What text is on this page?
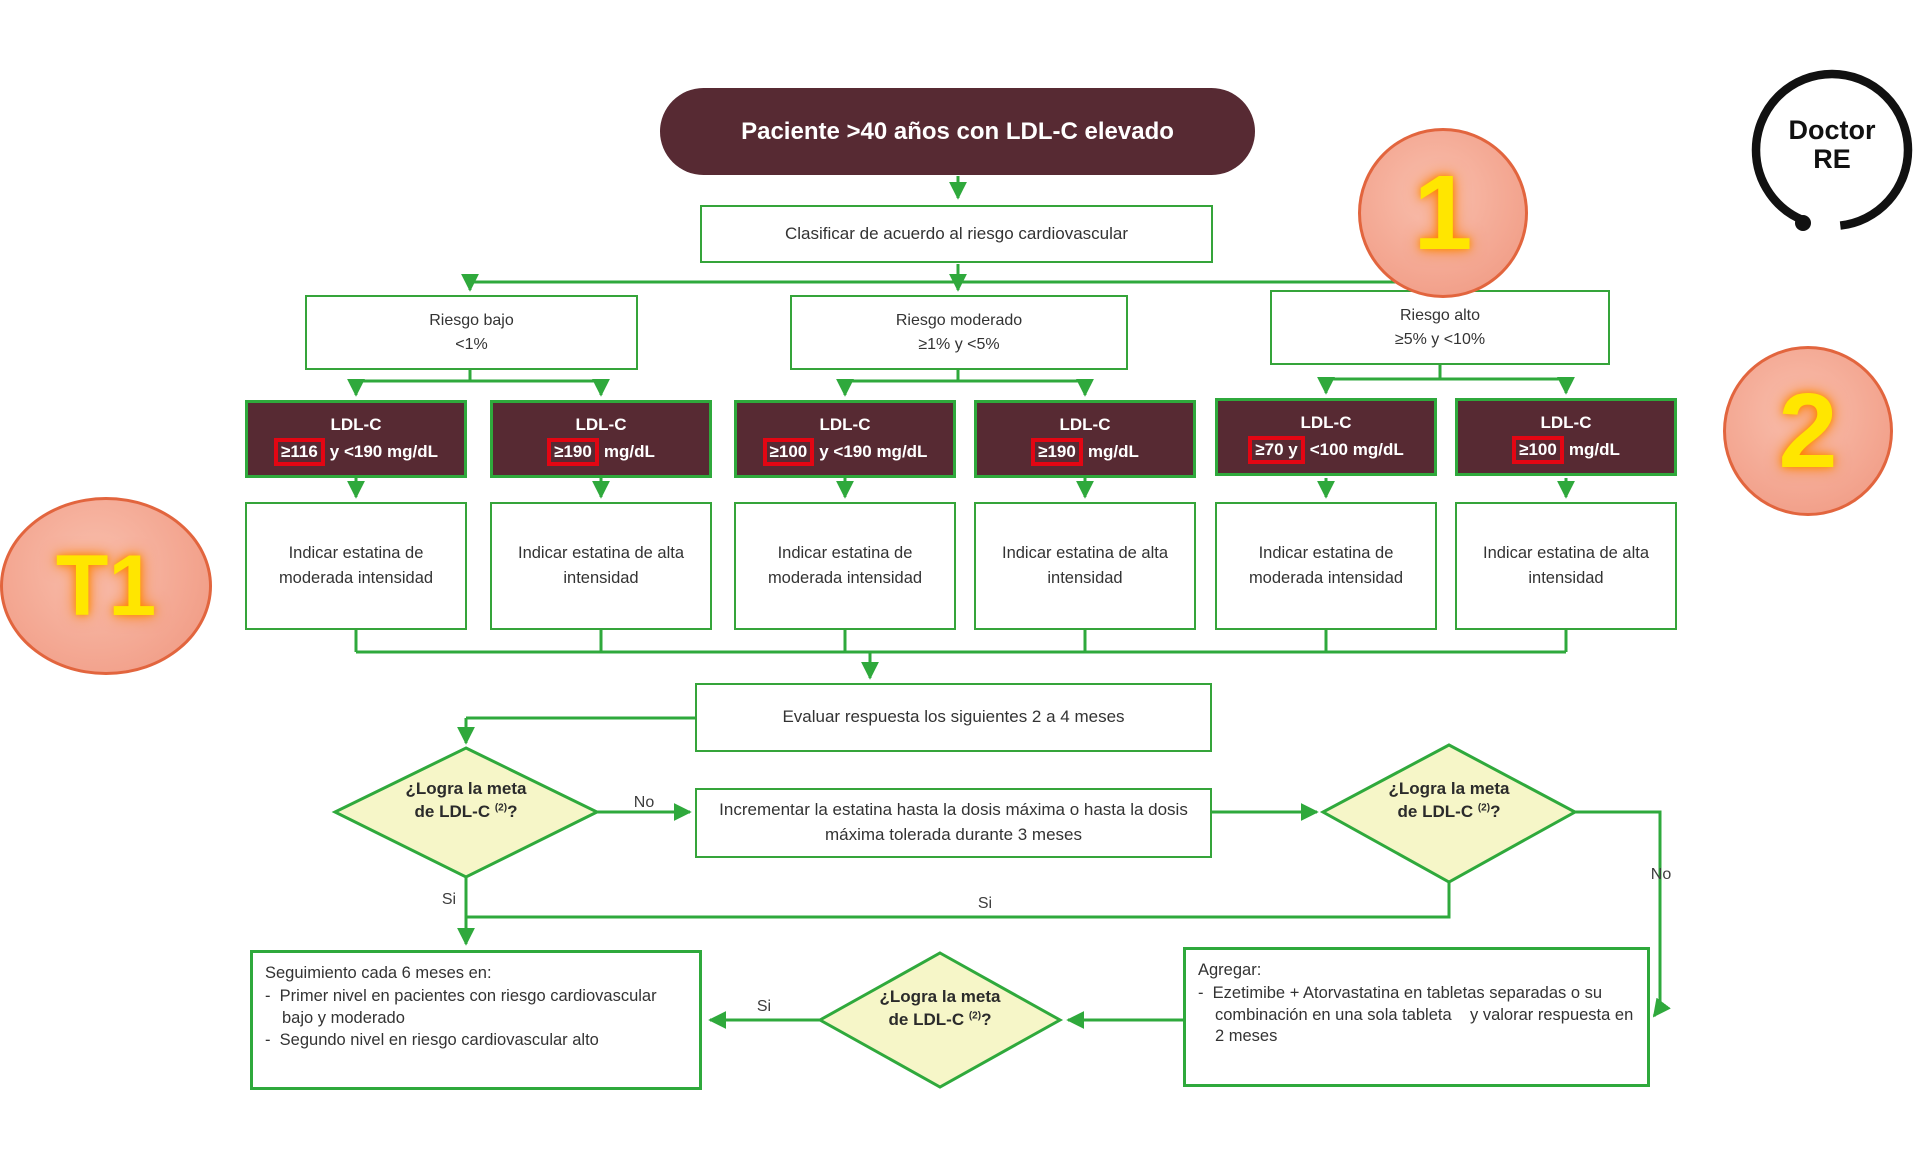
Paciente >40 años con LDL-C elevado
Clasificar de acuerdo al riesgo cardiovascular
Riesgo bajo
<1%
Riesgo moderado
≥1% y <5%
Riesgo alto
≥5% y <10%
LDL-C
≥116 y <190 mg/dL
LDL-C
≥190 mg/dL
LDL-C
≥100 y <190 mg/dL
LDL-C
≥190 mg/dL
LDL-C
≥70 y <100 mg/dL
LDL-C
≥100 mg/dL
Indicar estatina de moderada intensidad
Indicar estatina de alta intensidad
Indicar estatina de moderada intensidad
Indicar estatina de alta intensidad
Indicar estatina de moderada intensidad
Indicar estatina de alta intensidad
Evaluar respuesta los siguientes 2 a 4 meses
Incrementar la estatina hasta la dosis máxima o hasta la dosis máxima tolerada durante 3 meses
¿Logra la meta
de LDL-C $^{(2)}$?
¿Logra la meta
de LDL-C $^{(2)}$?
¿Logra la meta
de LDL-C $^{(2)}$?
No
Si	Si
No
Si
Seguimiento cada 6 meses en:
-  Primer nivel en pacientes con riesgo cardiovascular bajo y moderado
-  Segundo nivel en riesgo cardiovascular alto
Agregar:
-  Ezetimibe + Atorvastatina en tabletas separadas o su combinación en una sola tableta    y valorar respuesta en 2 meses
1
2
T1
Doctor
RE
